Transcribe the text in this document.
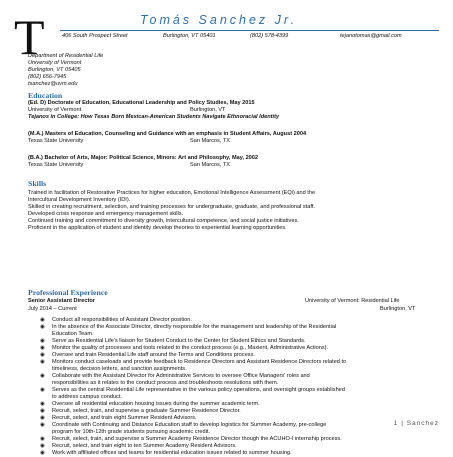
T	Tomás Sanchez Jr.
406 South Prospect Street	Burlington, VT 05401	(802) 578-4399	tejanotomas@gmail.com
Department of Residential Life
University of Vermont
Burlington, VT 05405
(802) 656-7945
tsanchez@uvm.edu
Education
(Ed. D) Doctorate of Education, Educational Leadership and Policy Studies, May 2015
University of Vermont	Burlington, VT
Tejanos in College: How Texas Born Mexican-American Students Navigate Ethnoracial Identity
(M.A.) Masters of Education, Counseling and Guidance with an emphasis in Student Affairs, August 2004
Texas State University	San Marcos, TX
(B.A.) Bachelor of Arts, Major: Political Science, Minors: Art and Philosophy, May, 2002
Texas State University	San Marcos, TX
Skills
Trained in facilitation of Restorative Practices for higher education, Emotional Intelligence Assessment (EQi) and the
Intercultural Development Inventory (IDI).
Skilled in creating recruitment, selection, and training processes for undergraduate, graduate, and professional staff.
Developed crisis response and emergency management skills.
Continued training and commitment to diversity growth, intercultural competence, and social justice initiatives.
Proficient in the application of student and identity develop theories to experiential learning opportunities.
Professional Experience
Senior Assistant Director	University of Vermont: Residential Life
July 2014 – Current	Burlington, VT
◉ Conduct all responsibilities of Assistant Director position.
◉ In the absence of the Associate Director, directly responsible for the management and leadership of the Residential
Education Team.
◉ Serve as Residential Life's liaison for Student Conduct to the Center for Student Ethics and Standards.
◉ Monitor the quality of processes and tools related to the conduct process (e.g., Maxient, Administrative Actions).
◉ Oversee and train Residential Life staff around the Terms and Conditions process.
◉ Monitors conduct caseloads and provide feedback to Residence Directors and Assistant Residence Directors related to
timeliness, decision letters, and sanction assignments.
◉ Collaborate with the Assistant Director for Administrative Services to oversee Office Managers' roles and
responsibilities as it relates to the conduct process and troubleshoots resolutions with them.
◉ Serves as the central Residential Life representative in the various policy operations, and oversight groups established
to address campus conduct.
◉ Oversee all residential education housing issues during the summer academic term.
◉ Recruit, select, train, and supervise a graduate Summer Residence Director.
◉ Recruit, select, and train eight Summer Resident Advisors.
◉ Coordinate with Continuing and Distance Education staff to develop logistics for Summer Academy, pre-college
program for 10th-12th grade students pursuing academic credit.
◉ Recruit, select, train, and supervise a Summer Academy Residence Director though the ACUHO-I internship process.
◉ Recruit, select, and train eight to ten Summer Academy Resident Advisors.
◉ Work with affiliated offices and teams for residential education issues related to summer housing.
1 | Sanchez
